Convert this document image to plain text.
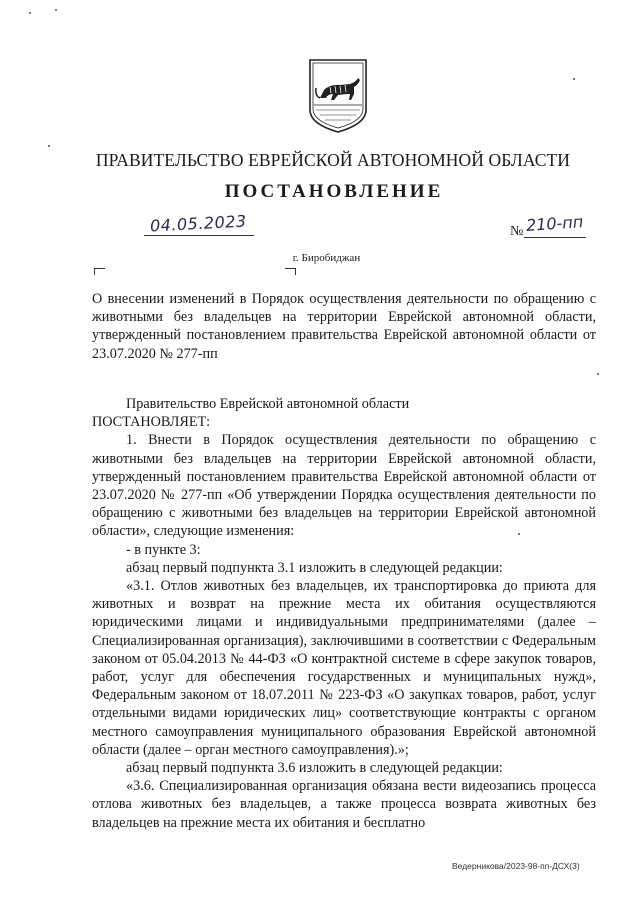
ПРАВИТЕЛЬСТВО ЕВРЕЙСКОЙ АВТОНОМНОЙ ОБЛАСТИ
ПОСТАНОВЛЕНИЕ
04.05.2023	№ 210-пп
г. Биробиджан
О внесении изменений в Порядок осуществления деятельности по обращению с животными без владельцев на территории Еврейской автономной области, утвержденный постановлением правительства Еврейской автономной области от 23.07.2020 № 277-пп

Правительство Еврейской автономной области

ПОСТАНОВЛЯЕТ:

1. Внести в Порядок осуществления деятельности по обращению с животными без владельцев на территории Еврейской автономной области, утвержденный постановлением правительства Еврейской автономной области от 23.07.2020 № 277-пп «Об утверждении Порядка осуществления деятельности по обращению с животными без владельцев на территории Еврейской автономной области», следующие изменения:

- в пункте 3:

абзац первый подпункта 3.1 изложить в следующей редакции:

«3.1. Отлов животных без владельцев, их транспортировка до приюта для животных и возврат на прежние места их обитания осуществляются юридическими лицами и индивидуальными предпринимателями (далее – Специализированная организация), заключившими в соответствии с Федеральным законом от 05.04.2013 № 44-ФЗ «О контрактной системе в сфере закупок товаров, работ, услуг для обеспечения государственных и муниципальных нужд», Федеральным законом от 18.07.2011 № 223-ФЗ «О закупках товаров, работ, услуг отдельными видами юридических лиц» соответствующие контракты с органом местного самоуправления муниципального образования Еврейской автономной области (далее – орган местного самоуправления).»;

абзац первый подпункта 3.6 изложить в следующей редакции:

«3.6. Специализированная организация обязана вести видеозапись процесса отлова животных без владельцев, а также процесса возврата животных без владельцев на прежние места их обитания и бесплатно

Ведерникова/2023-98-пп-ДСХ(3)
